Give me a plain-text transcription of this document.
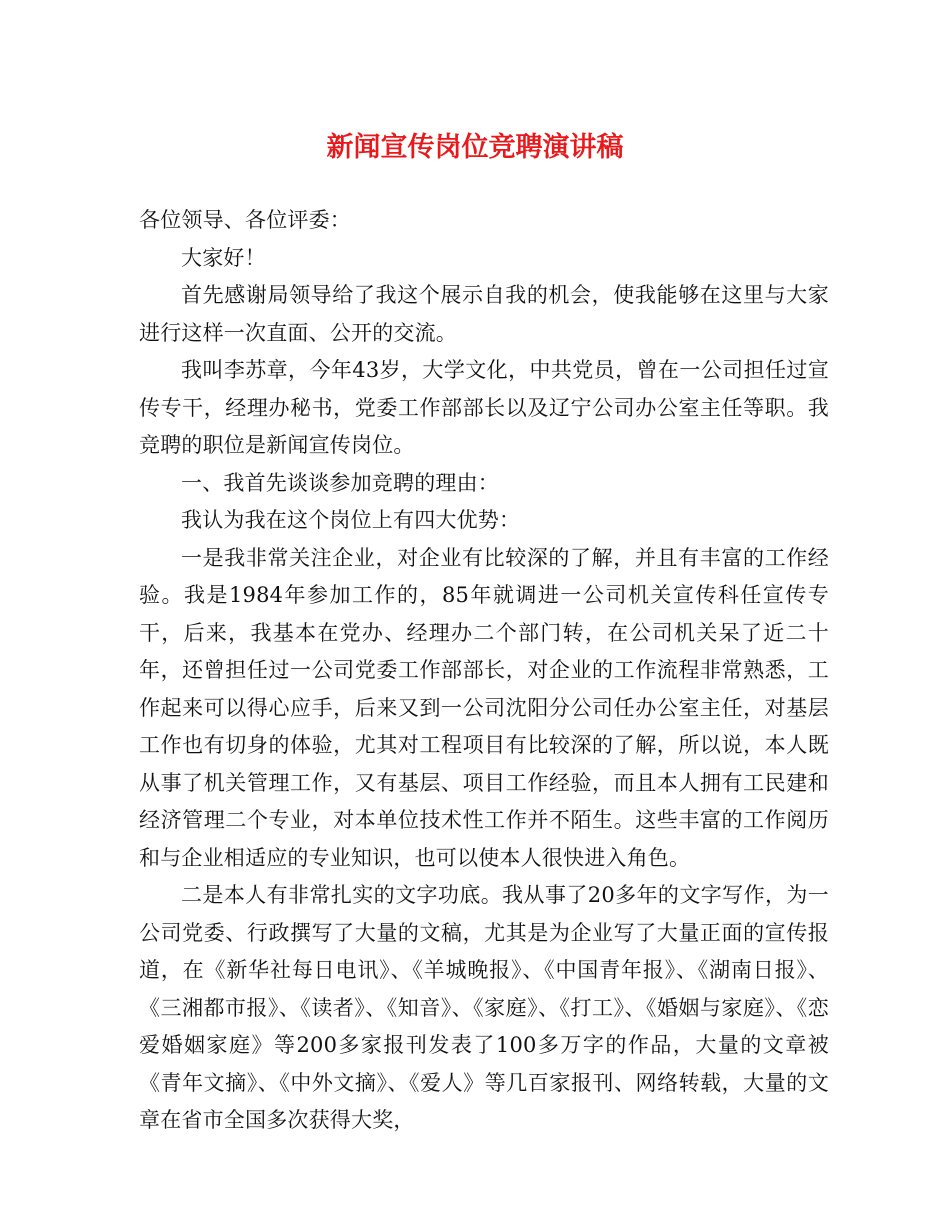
新闻宣传岗位竞聘演讲稿

各位领导、各位评委：

大家好！

首先感谢局领导给了我这个展示自我的机会，使我能够在这里与大家进行这样一次直面、公开的交流。

我叫李苏章，今年43岁，大学文化，中共党员，曾在一公司担任过宣传专干，经理办秘书，党委工作部部长以及辽宁公司办公室主任等职。我竞聘的职位是新闻宣传岗位。

一、我首先谈谈参加竞聘的理由：

我认为我在这个岗位上有四大优势：

一是我非常关注企业，对企业有比较深的了解，并且有丰富的工作经验。我是1984年参加工作的，85年就调进一公司机关宣传科任宣传专干，后来，我基本在党办、经理办二个部门转，在公司机关呆了近二十年，还曾担任过一公司党委工作部部长，对企业的工作流程非常熟悉，工作起来可以得心应手，后来又到一公司沈阳分公司任办公室主任，对基层工作也有切身的体验，尤其对工程项目有比较深的了解，所以说，本人既从事了机关管理工作，又有基层、项目工作经验，而且本人拥有工民建和经济管理二个专业，对本单位技术性工作并不陌生。这些丰富的工作阅历和与企业相适应的专业知识，也可以使本人很快进入角色。

二是本人有非常扎实的文字功底。我从事了20多年的文字写作，为一公司党委、行政撰写了大量的文稿，尤其是为企业写了大量正面的宣传报道，在《新华社每日电讯》、《羊城晚报》、《中国青年报》、《湖南日报》、《三湘都市报》、《读者》、《知音》、《家庭》、《打工》、《婚姻与家庭》、《恋爱婚姻家庭》等200多家报刊发表了100多万字的作品，大量的文章被《青年文摘》、《中外文摘》、《爱人》等几百家报刊、网络转载，大量的文章在省市全国多次获得大奖，
